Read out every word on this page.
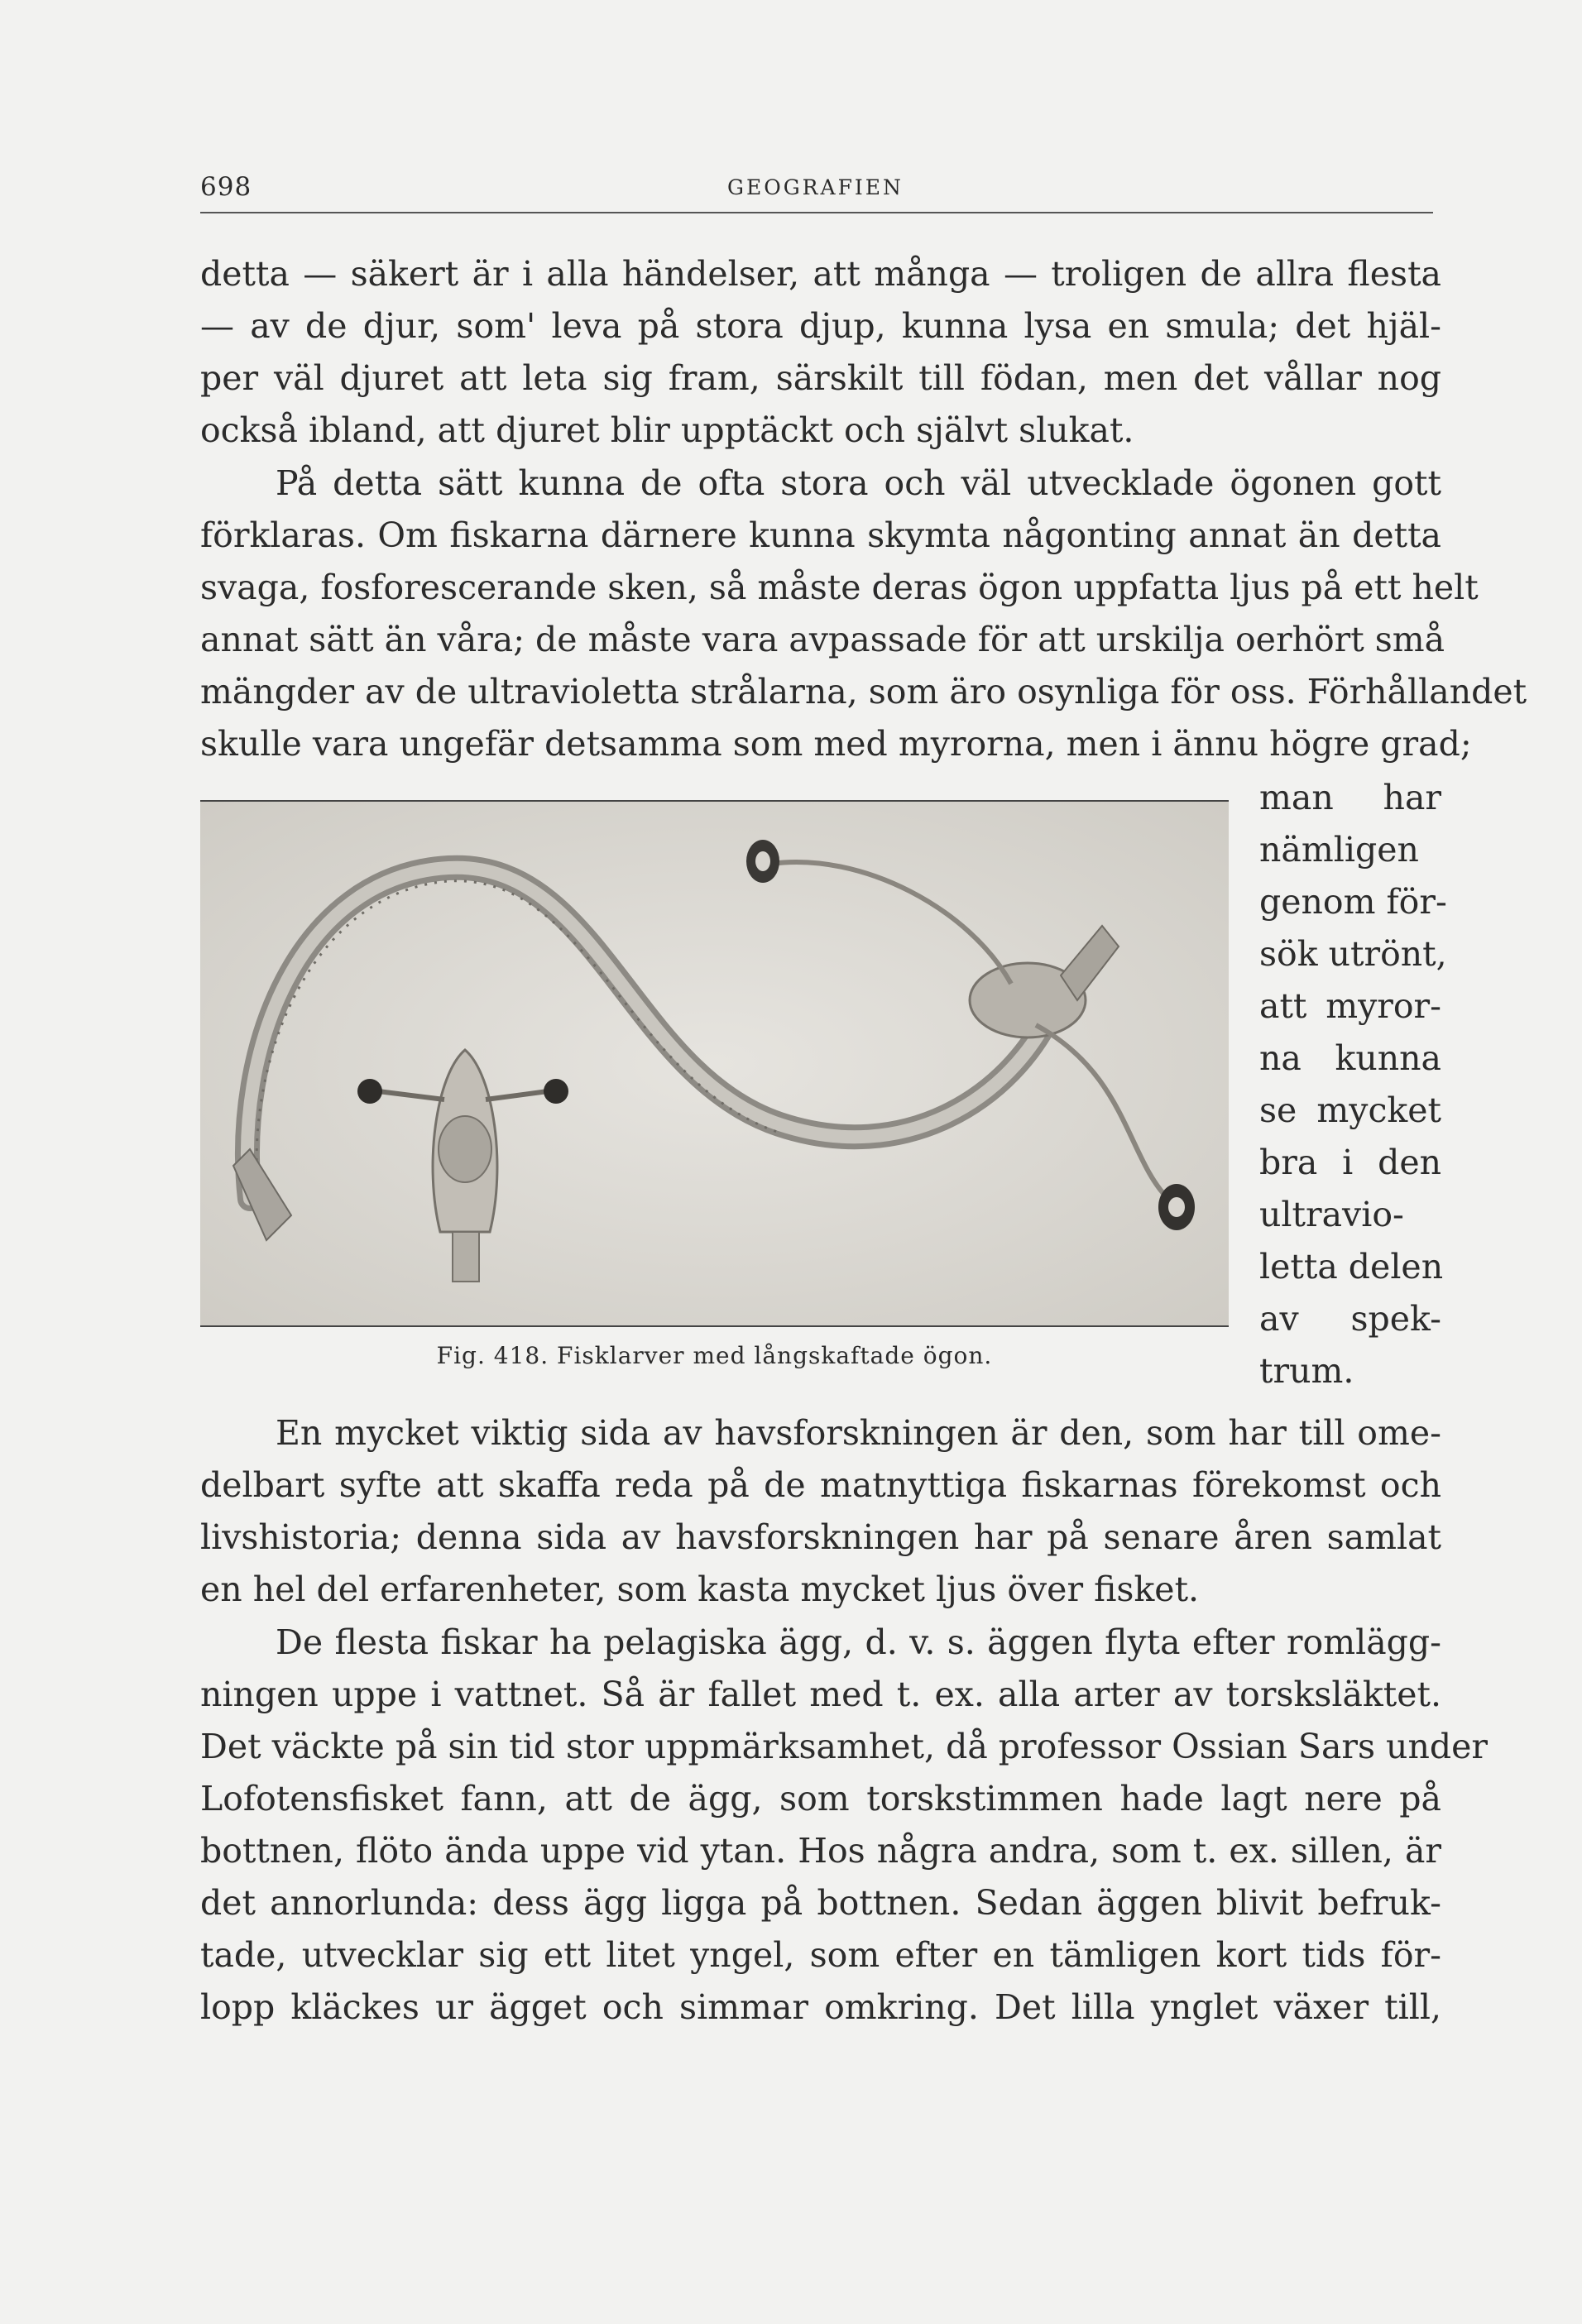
698	GEOGRAFIEN
detta — säkert är i alla händelser, att många — troligen de allra flesta
— av de djur, som' leva på stora djup, kunna lysa en smula; det hjäl-
per väl djuret att leta sig fram, särskilt till födan, men det vållar nog
också ibland, att djuret blir upptäckt och självt slukat.
På detta sätt kunna de ofta stora och väl utvecklade ögonen gott
förklaras. Om fiskarna därnere kunna skymta någonting annat än detta
svaga, fosforescerande sken, så måste deras ögon uppfatta ljus på ett helt
annat sätt än våra; de måste vara avpassade för att urskilja oerhört små
mängder av de ultravioletta strålarna, som äro osynliga för oss. Förhållandet
skulle vara ungefär detsamma som med myrorna, men i ännu högre grad;
man har
nämligen
genom för-
sök utrönt,
att myror-
na kunna
se mycket
bra i den
ultravio-
letta delen
av spek-
trum.
En mycket viktig sida av havsforskningen är den, som har till ome-
delbart syfte att skaffa reda på de matnyttiga fiskarnas förekomst och
livshistoria; denna sida av havsforskningen har på senare åren samlat
en hel del erfarenheter, som kasta mycket ljus över fisket.
De flesta fiskar ha pelagiska ägg, d. v. s. äggen flyta efter romlägg-
ningen uppe i vattnet. Så är fallet med t. ex. alla arter av torsksläktet.
Det väckte på sin tid stor uppmärksamhet, då professor Ossian Sars under
Lofotensfisket fann, att de ägg, som torskstimmen hade lagt nere på
bottnen, flöto ända uppe vid ytan. Hos några andra, som t. ex. sillen, är
det annorlunda: dess ägg ligga på bottnen. Sedan äggen blivit befruk-
tade, utvecklar sig ett litet yngel, som efter en tämligen kort tids för-
lopp kläckes ur ägget och simmar omkring. Det lilla ynglet växer till,
Fig. 418. Fisklarver med långskaftade ögon.
